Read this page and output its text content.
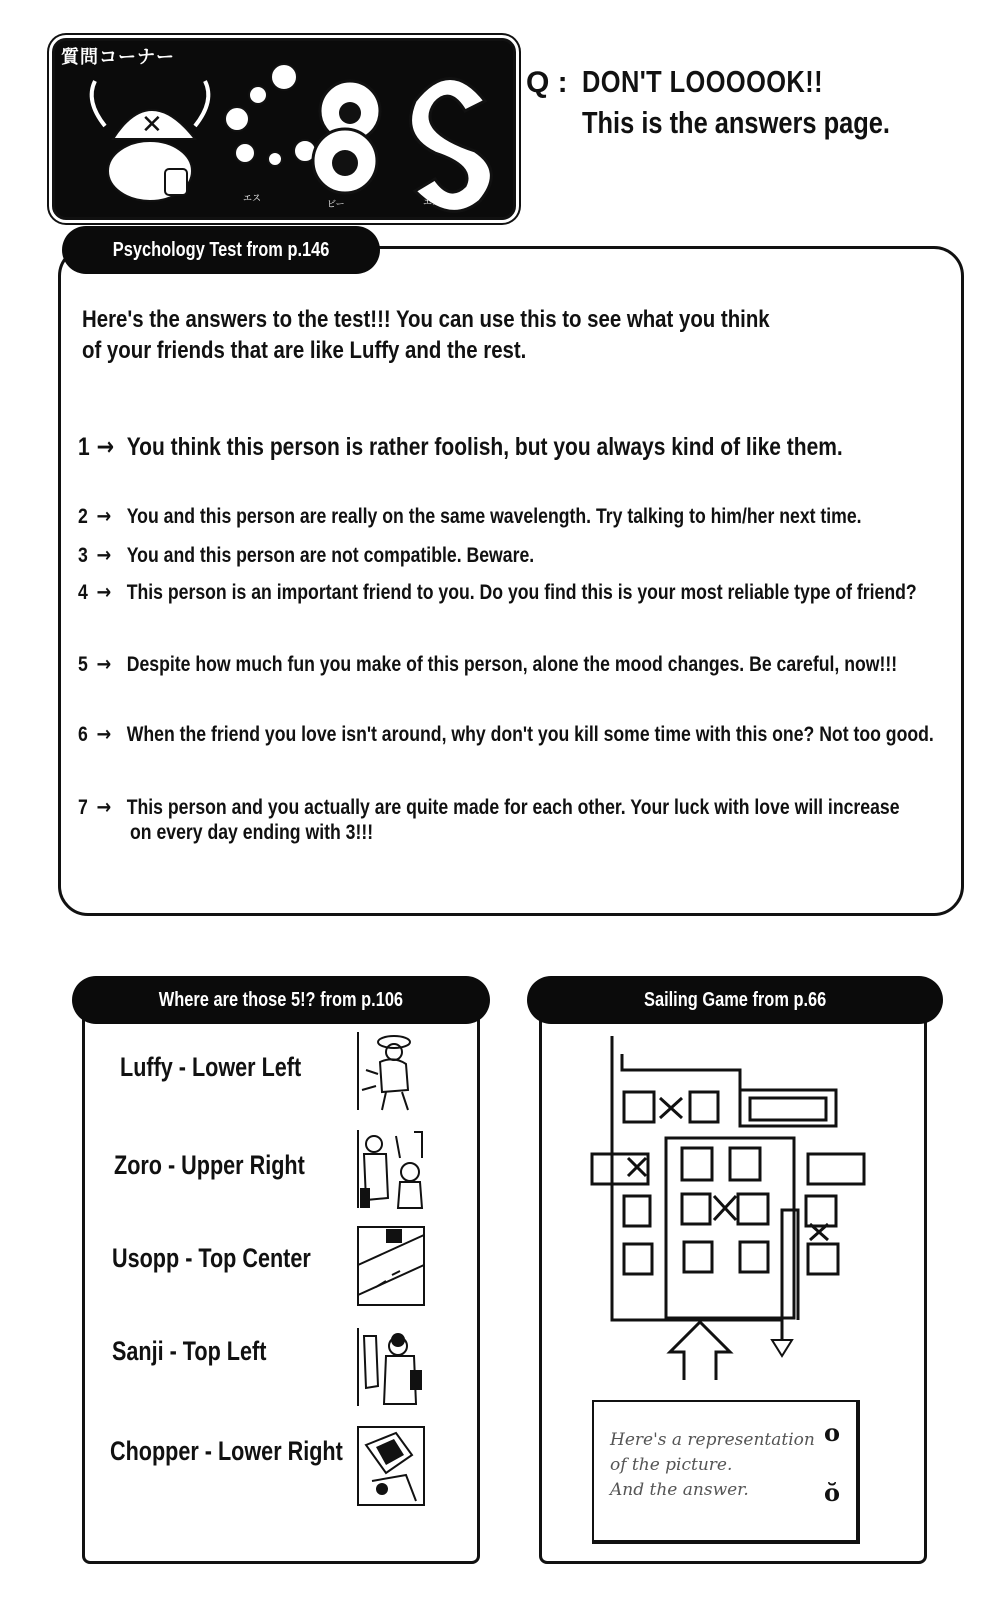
✕
質問コーナー
エス
ビー	エス
Q : DON'T LOOOOOK!!
This is the answers page.
Psychology Test from p.146
Here's the answers to the test!!! You can use this to see what you think
of your friends that are like Luffy and the rest.
1 → You think this person is rather foolish, but you always kind of like them.
2 → You and this person are really on the same wavelength. Try talking to him/her next time.
3 → You and this person are not compatible. Beware.
4 → This person is an important friend to you. Do you find this is your most reliable type of friend?
5 → Despite how much fun you make of this person, alone the mood changes. Be careful, now!!!
6 → When the friend you love isn't around, why don't you kill some time with this one? Not too good.
7 → This person and you actually are quite made for each other. Your luck with love will increase
on every day ending with 3!!!
Where are those 5!? from p.106
Luffy - Lower Left
Zoro - Upper Right
Usopp - Top Center
Sanji - Top Left
Chopper - Lower Right
Sailing Game from p.66
Here's a representation
of the picture.
And the answer.
o
ŏ
